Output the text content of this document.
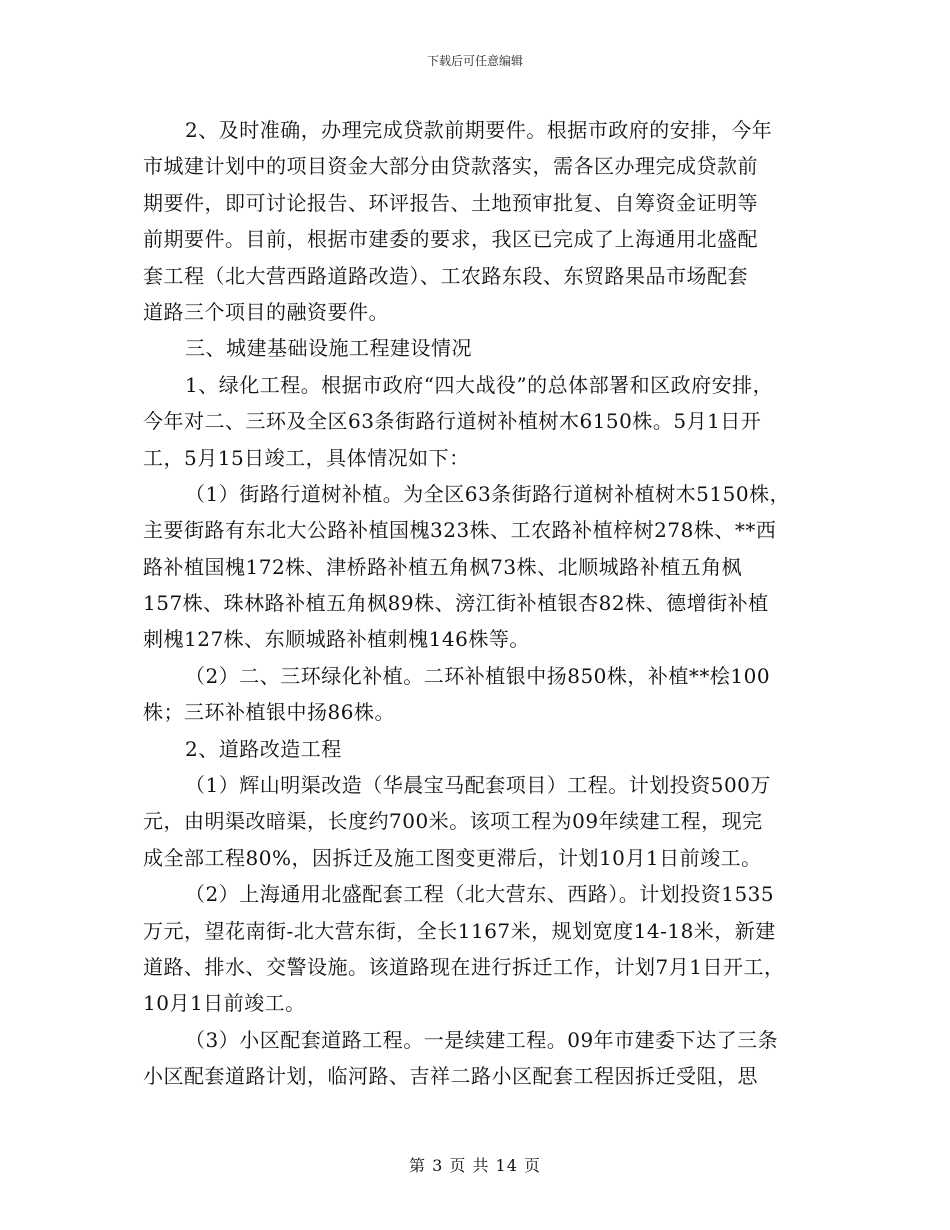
下载后可任意编辑
2、及时准确，办理完成贷款前期要件。根据市政府的安排，今年
市城建计划中的项目资金大部分由贷款落实，需各区办理完成贷款前
期要件，即可讨论报告、环评报告、土地预审批复、自筹资金证明等
前期要件。目前，根据市建委的要求，我区已完成了上海通用北盛配
套工程（北大营西路道路改造）、工农路东段、东贸路果品市场配套
道路三个项目的融资要件。
三、城建基础设施工程建设情况
1、绿化工程。根据市政府“四大战役”的总体部署和区政府安排，
今年对二、三环及全区63条街路行道树补植树木6150株。5月1日开
工，5月15日竣工，具体情况如下：
（1）街路行道树补植。为全区63条街路行道树补植树木5150株，
主要街路有东北大公路补植国槐323株、工农路补植梓树278株、**西
路补植国槐172株、津桥路补植五角枫73株、北顺城路补植五角枫
157株、珠林路补植五角枫89株、滂江街补植银杏82株、德增街补植
刺槐127株、东顺城路补植刺槐146株等。
（2）二、三环绿化补植。二环补植银中扬850株，补植**桧100
株；三环补植银中扬86株。
2、道路改造工程
（1）辉山明渠改造（华晨宝马配套项目）工程。计划投资500万
元，由明渠改暗渠，长度约700米。该项工程为09年续建工程，现完
成全部工程80%，因拆迁及施工图变更滞后，计划10月1日前竣工。
（2）上海通用北盛配套工程（北大营东、西路）。计划投资1535
万元，望花南街-北大营东街，全长1167米，规划宽度14-18米，新建
道路、排水、交警设施。该道路现在进行拆迁工作，计划7月1日开工，
10月1日前竣工。
（3）小区配套道路工程。一是续建工程。09年市建委下达了三条
小区配套道路计划，临河路、吉祥二路小区配套工程因拆迁受阻，思
第 3 页 共 14 页
